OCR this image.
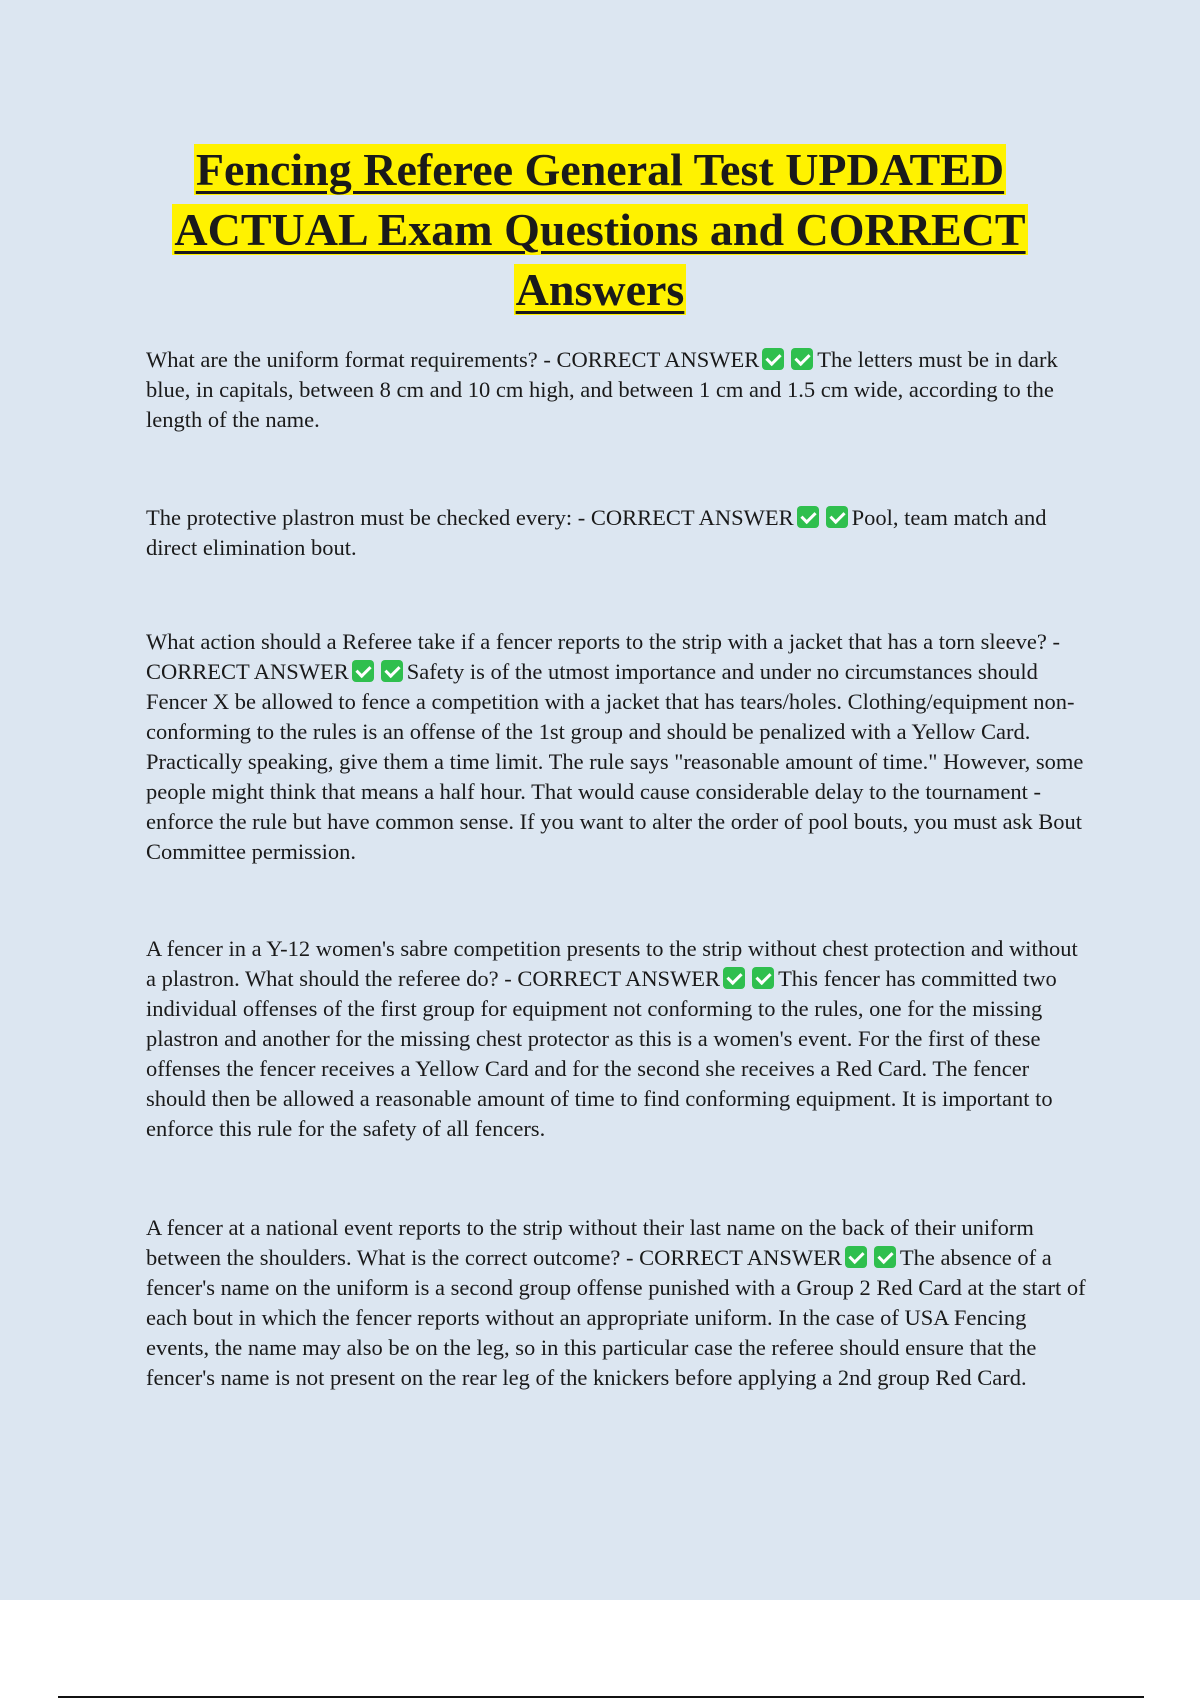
Fencing Referee General Test UPDATED
ACTUAL Exam Questions and CORRECT
Answers

What are the uniform format requirements? - CORRECT ANSWER	The letters must be in dark blue, in capitals, between 8 cm and 10 cm high, and between 1 cm and 1.5 cm wide, according to the length of the name.

The protective plastron must be checked every: - CORRECT ANSWER	Pool, team match and direct elimination bout.

What action should a Referee take if a fencer reports to the strip with a jacket that has a torn sleeve? - CORRECT ANSWER	Safety is of the utmost importance and under no circumstances should Fencer X be allowed to fence a competition with a jacket that has tears/holes. Clothing/equipment non-conforming to the rules is an offense of the 1st group and should be penalized with a Yellow Card. Practically speaking, give them a time limit. The rule says "reasonable amount of time." However, some people might think that means a half hour. That would cause considerable delay to the tournament - enforce the rule but have common sense. If you want to alter the order of pool bouts, you must ask Bout Committee permission.

A fencer in a Y-12 women's sabre competition presents to the strip without chest protection and without a plastron. What should the referee do? - CORRECT ANSWER	This fencer has committed two individual offenses of the first group for equipment not conforming to the rules, one for the missing plastron and another for the missing chest protector as this is a women's event. For the first of these offenses the fencer receives a Yellow Card and for the second she receives a Red Card. The fencer should then be allowed a reasonable amount of time to find conforming equipment. It is important to enforce this rule for the safety of all fencers.

A fencer at a national event reports to the strip without their last name on the back of their uniform between the shoulders. What is the correct outcome? - CORRECT ANSWER	The absence of a fencer's name on the uniform is a second group offense punished with a Group 2 Red Card at the start of each bout in which the fencer reports without an appropriate uniform. In the case of USA Fencing events, the name may also be on the leg, so in this particular case the referee should ensure that the fencer's name is not present on the rear leg of the knickers before applying a 2nd group Red Card.
